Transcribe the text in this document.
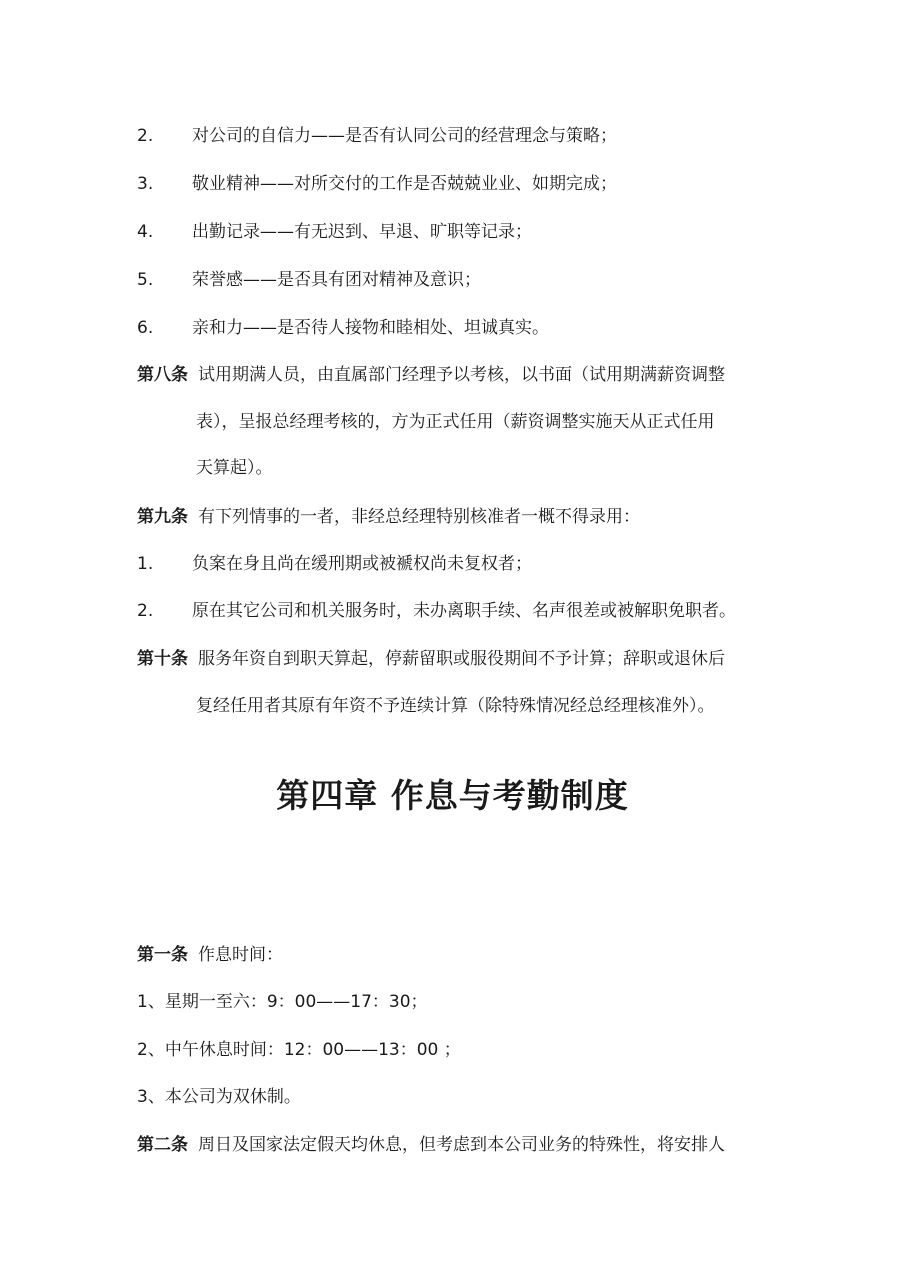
2. 对公司的自信力——是否有认同公司的经营理念与策略；
3. 敬业精神——对所交付的工作是否兢兢业业、如期完成；
4. 出勤记录——有无迟到、早退、旷职等记录；
5. 荣誉感——是否具有团对精神及意识；
6. 亲和力——是否待人接物和睦相处、坦诚真实。
第八条 试用期满人员，由直属部门经理予以考核，以书面（试用期满薪资调整
表），呈报总经理考核的，方为正式任用（薪资调整实施天从正式任用
天算起）。
第九条 有下列情事的一者，非经总经理特别核准者一概不得录用：
1. 负案在身且尚在缓刑期或被褫权尚未复权者；
2. 原在其它公司和机关服务时，未办离职手续、名声很差或被解职免职者。
第十条 服务年资自到职天算起，停薪留职或服役期间不予计算；辞职或退休后
复经任用者其原有年资不予连续计算（除特殊情况经总经理核准外）。
第四章 作息与考勤制度
第一条 作息时间：
1、星期一至六：9：00——17：30；
2、中午休息时间：12：00——13：00 ；
3、本公司为双休制。
第二条 周日及国家法定假天均休息，但考虑到本公司业务的特殊性，将安排人
